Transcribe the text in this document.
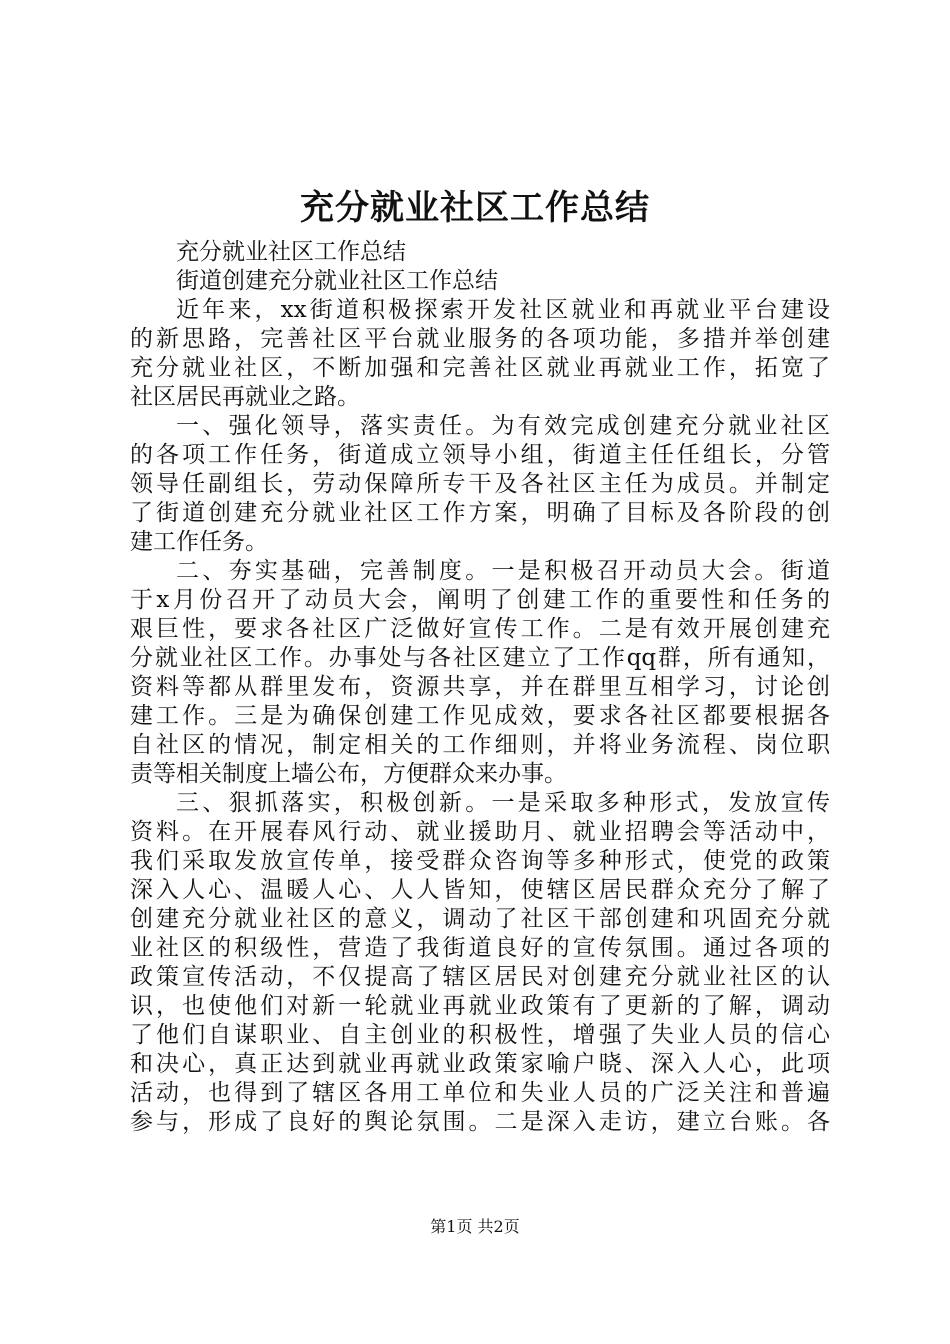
充分就业社区工作总结
充分就业社区工作总结
街道创建充分就业社区工作总结
近年来，xx街道积极探索开发社区就业和再就业平台建设
的新思路，完善社区平台就业服务的各项功能，多措并举创建
充分就业社区，不断加强和完善社区就业再就业工作，拓宽了
社区居民再就业之路。
一、强化领导，落实责任。为有效完成创建充分就业社区
的各项工作任务，街道成立领导小组，街道主任任组长，分管
领导任副组长，劳动保障所专干及各社区主任为成员。并制定
了街道创建充分就业社区工作方案，明确了目标及各阶段的创
建工作任务。
二、夯实基础，完善制度。一是积极召开动员大会。街道
于x月份召开了动员大会，阐明了创建工作的重要性和任务的
艰巨性，要求各社区广泛做好宣传工作。二是有效开展创建充
分就业社区工作。办事处与各社区建立了工作qq群，所有通知，
资料等都从群里发布，资源共享，并在群里互相学习，讨论创
建工作。三是为确保创建工作见成效，要求各社区都要根据各
自社区的情况，制定相关的工作细则，并将业务流程、岗位职
责等相关制度上墙公布，方便群众来办事。
三、狠抓落实，积极创新。一是采取多种形式，发放宣传
资料。在开展春风行动、就业援助月、就业招聘会等活动中，
我们采取发放宣传单，接受群众咨询等多种形式，使党的政策
深入人心、温暖人心、人人皆知，使辖区居民群众充分了解了
创建充分就业社区的意义，调动了社区干部创建和巩固充分就
业社区的积级性，营造了我街道良好的宣传氛围。通过各项的
政策宣传活动，不仅提高了辖区居民对创建充分就业社区的认
识，也使他们对新一轮就业再就业政策有了更新的了解，调动
了他们自谋职业、自主创业的积极性，增强了失业人员的信心
和决心，真正达到就业再就业政策家喻户晓、深入人心，此项
活动，也得到了辖区各用工单位和失业人员的广泛关注和普遍
参与，形成了良好的舆论氛围。二是深入走访，建立台账。各
第1页 共2页
